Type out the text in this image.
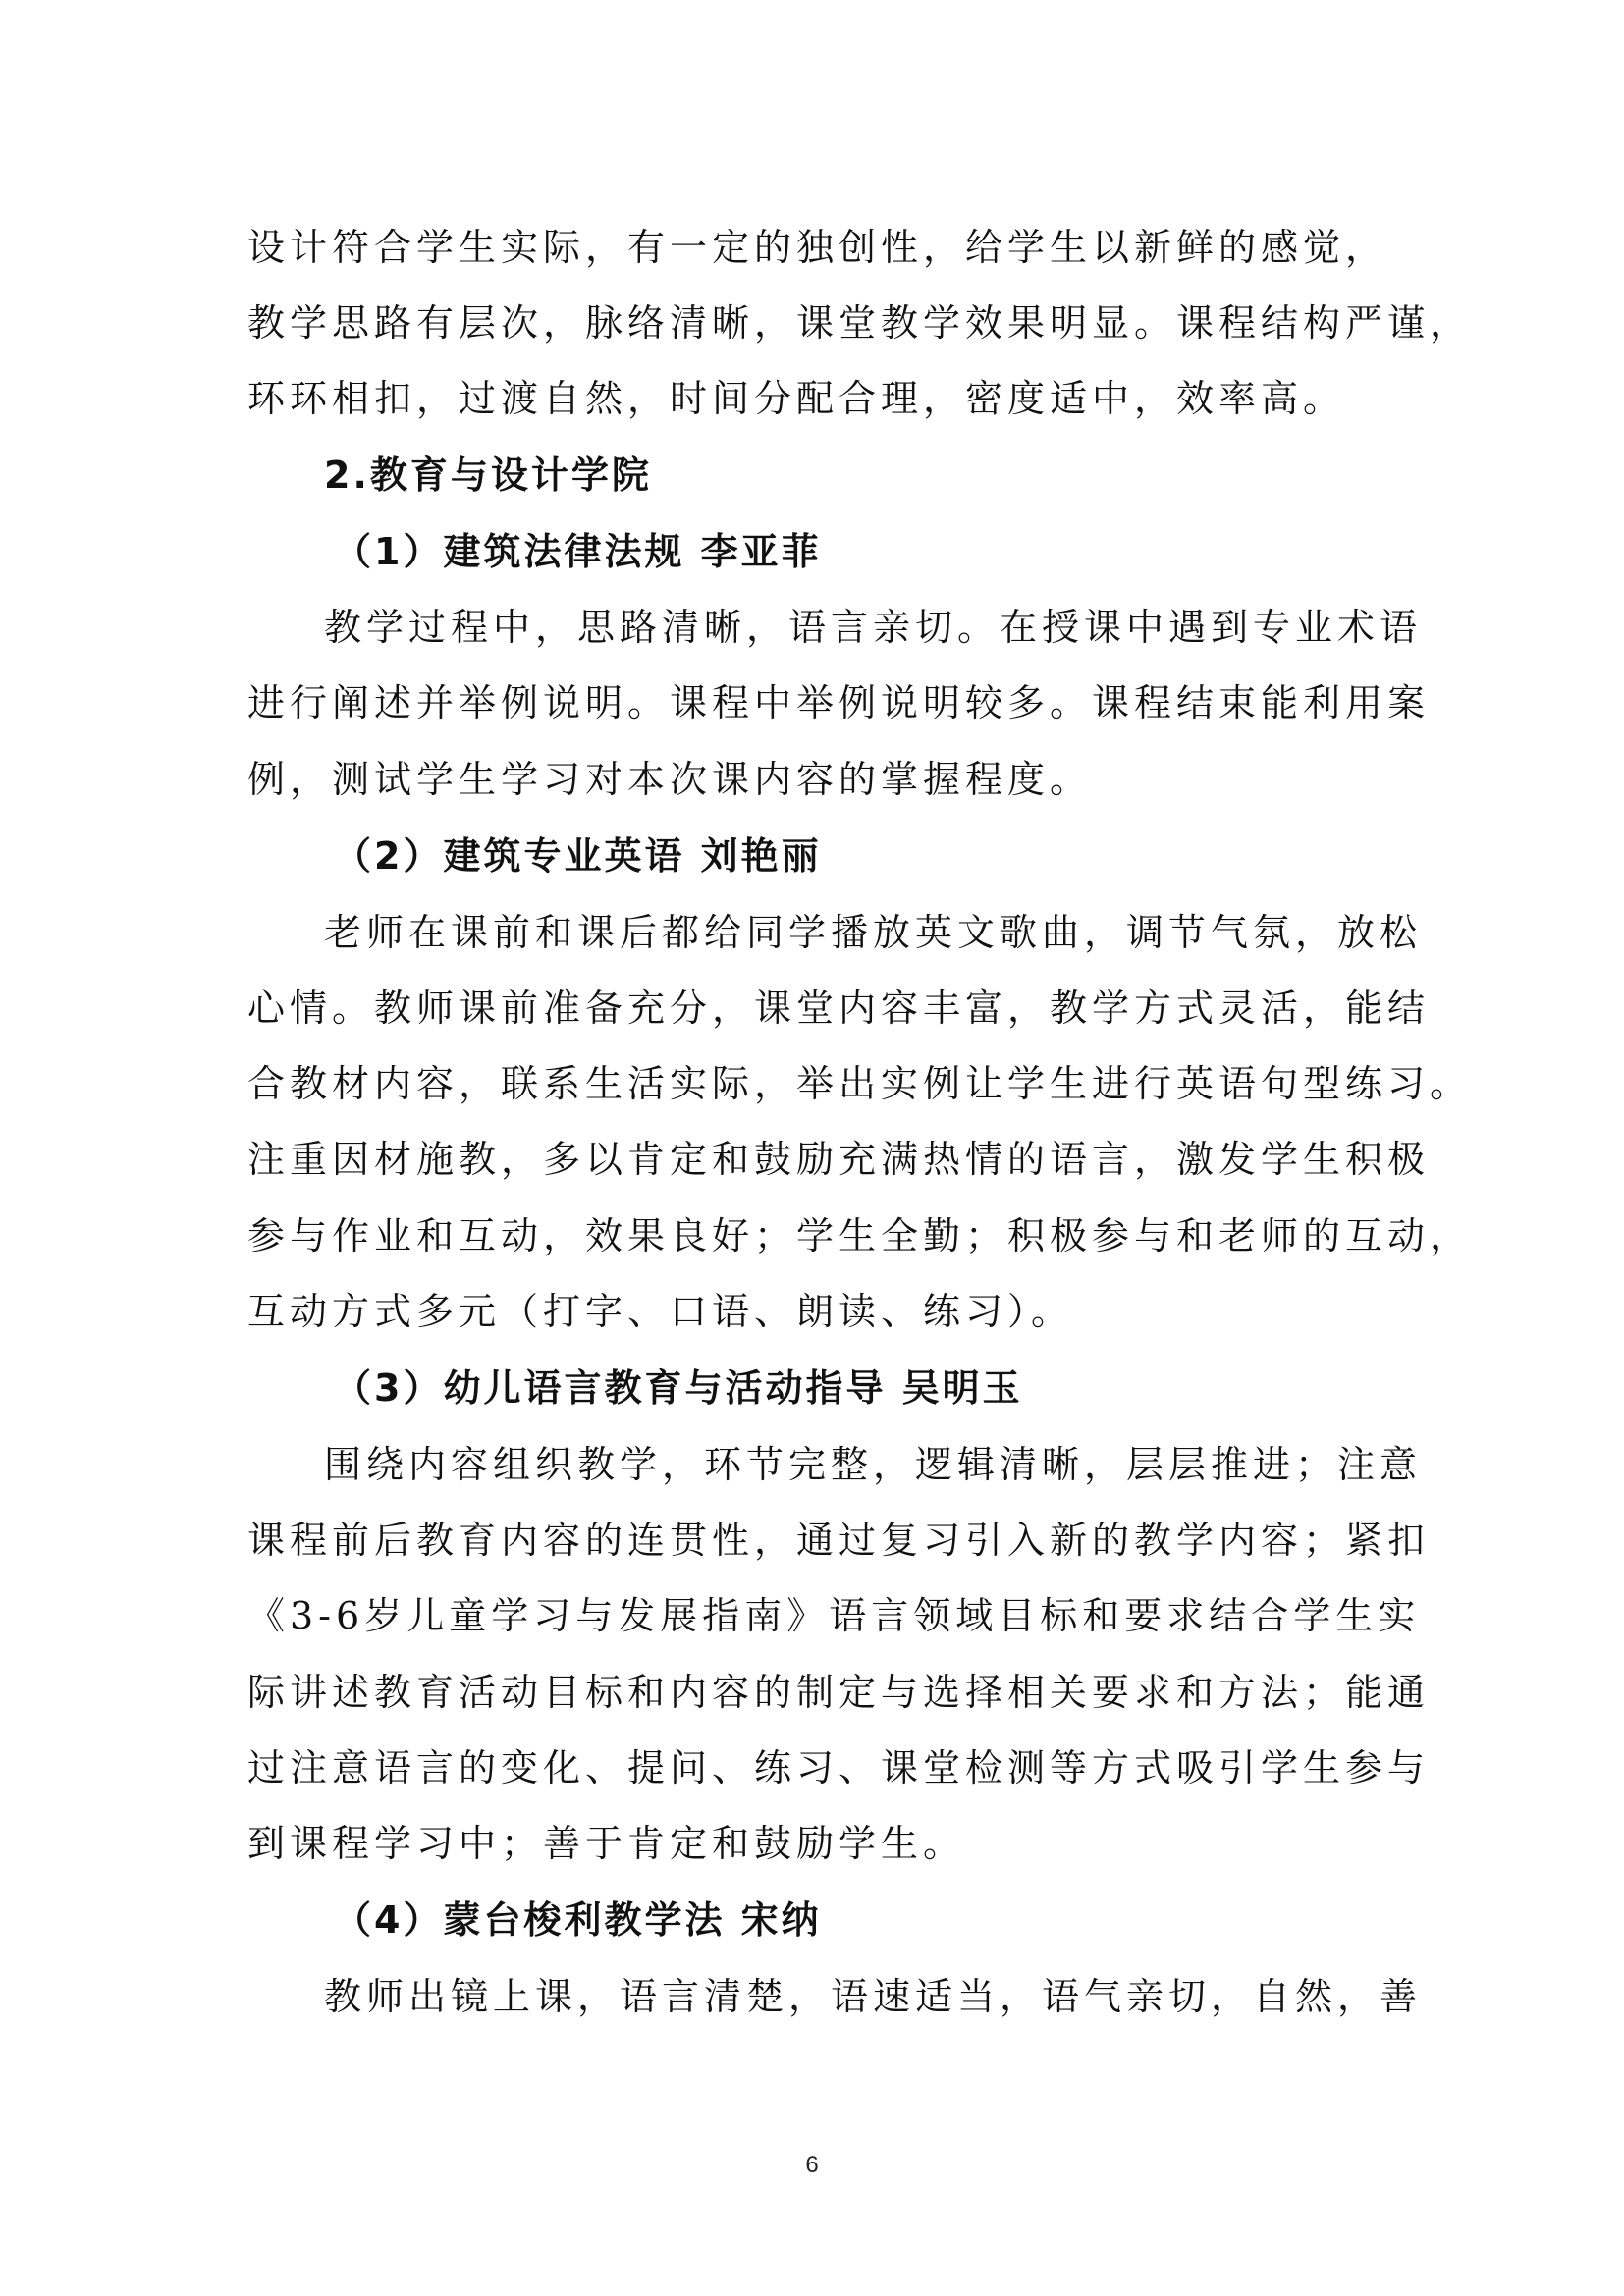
设计符合学生实际，有一定的独创性，给学生以新鲜的感觉，
教学思路有层次，脉络清晰，课堂教学效果明显。课程结构严谨，
环环相扣，过渡自然，时间分配合理，密度适中，效率高。
2.教育与设计学院
（1）建筑法律法规 李亚菲
教学过程中，思路清晰，语言亲切。在授课中遇到专业术语
进行阐述并举例说明。课程中举例说明较多。课程结束能利用案
例，测试学生学习对本次课内容的掌握程度。
（2）建筑专业英语 刘艳丽
老师在课前和课后都给同学播放英文歌曲，调节气氛，放松
心情。教师课前准备充分，课堂内容丰富，教学方式灵活，能结
合教材内容，联系生活实际，举出实例让学生进行英语句型练习。
注重因材施教，多以肯定和鼓励充满热情的语言，激发学生积极
参与作业和互动，效果良好；学生全勤；积极参与和老师的互动，
互动方式多元（打字、口语、朗读、练习）。
（3）幼儿语言教育与活动指导 吴明玉
围绕内容组织教学，环节完整，逻辑清晰，层层推进；注意
课程前后教育内容的连贯性，通过复习引入新的教学内容；紧扣
《3-6岁儿童学习与发展指南》语言领域目标和要求结合学生实
际讲述教育活动目标和内容的制定与选择相关要求和方法；能通
过注意语言的变化、提问、练习、课堂检测等方式吸引学生参与
到课程学习中；善于肯定和鼓励学生。
（4）蒙台梭利教学法 宋纳
教师出镜上课，语言清楚，语速适当，语气亲切，自然，善
6
